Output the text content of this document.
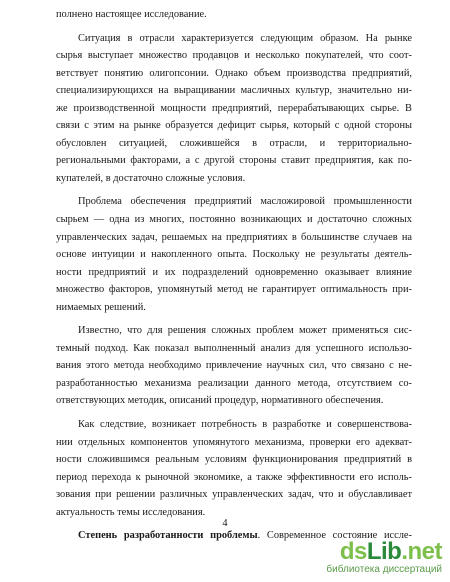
полнено настоящее исследование.
Ситуация в отрасли характеризуется следующим образом. На рынке
сырья выступает множество продавцов и несколько покупателей, что соот-
ветствует понятию олигопсонии. Однако объем производства предприятий,
специализирующихся на выращивании масличных культур, значительно ни-
же производственной мощности предприятий, перерабатывающих сырье. В
связи с этим на рынке образуется дефицит сырья, который с одной стороны
обусловлен ситуацией, сложившейся в отрасли, и территориально-
региональными факторами, а с другой стороны ставит предприятия, как по-
купателей, в достаточно сложные условия.
Проблема обеспечения предприятий масложировой промышленности
сырьем — одна из многих, постоянно возникающих и достаточно сложных
управленческих задач, решаемых на предприятиях в большинстве случаев на
основе интуиции и накопленного опыта. Поскольку не результаты деятель-
ности предприятий и их подразделений одновременно оказывает влияние
множество факторов, упомянутый метод не гарантирует оптимальность при-
нимаемых решений.
Известно, что для решения сложных проблем может применяться сис-
темный подход. Как показал выполненный анализ для успешного использо-
вания этого метода необходимо привлечение научных сил, что связано с не-
разработанностью механизма реализации данного метода, отсутствием со-
ответствующих методик, описаний процедур, нормативного обеспечения.
Как следствие, возникает потребность в разработке и совершенствова-
нии отдельных компонентов упомянутого механизма, проверки его адекват-
ности сложившимся реальным условиям функционирования предприятий в
период перехода к рыночной экономике, а также эффективности его исполь-
зования при решении различных управленческих задач, что и обуславливает
актуальность темы исследования.
Степень разработанности проблемы. Современное состояние иссле-
4
dsLib.net
библиотека диссертаций
